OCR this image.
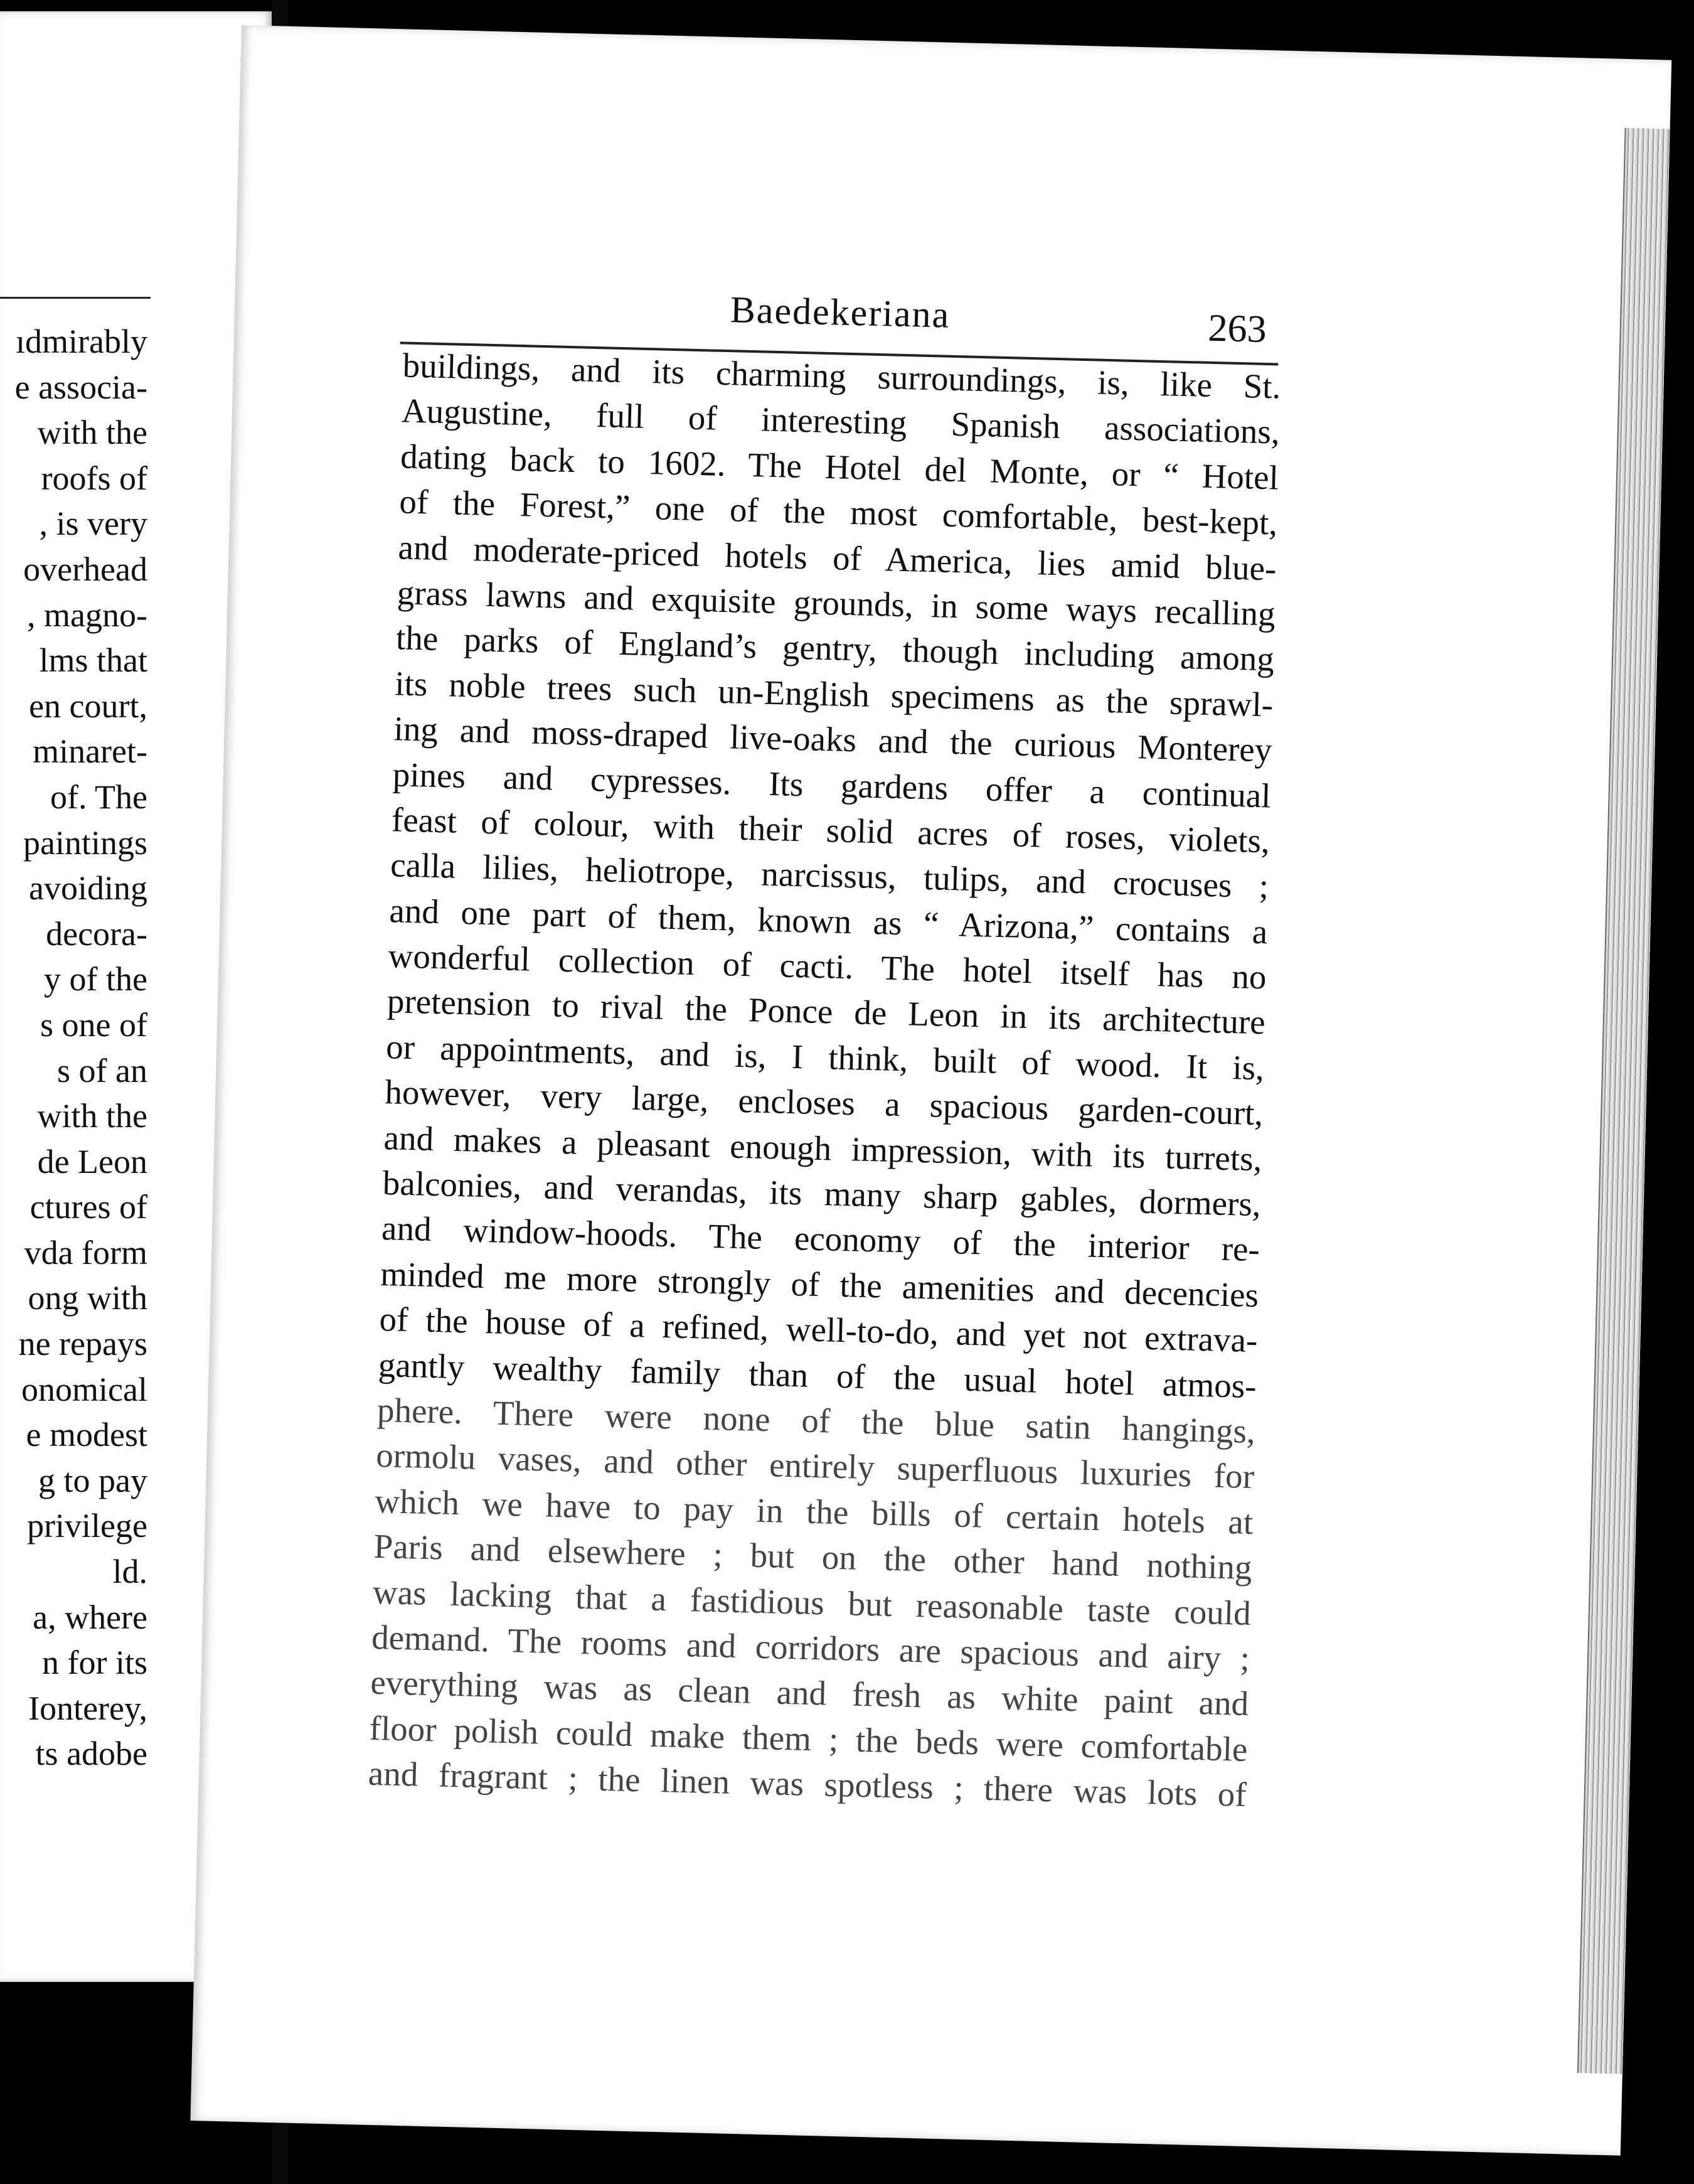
ıdmirably
e associa-
with the
roofs of
, is very
overhead
, magno-
lms that
en court,
minaret-
of. The
paintings
avoiding
decora-
y of the
s one of
s of an
with the
de Leon
ctures of
vda form
ong with
ne repays
onomical
e modest
g to pay
privilege
ld.
a, where
n for its
Ionterey,
ts adobe
Baedekeriana	263
buildings, and its charming surroundings, is, like St.
Augustine, full of interesting Spanish associations,
dating back to 1602. The Hotel del Monte, or “ Hotel
of the Forest,” one of the most comfortable, best-kept,
and moderate-priced hotels of America, lies amid blue-
grass lawns and exquisite grounds, in some ways recalling
the parks of England’s gentry, though including among
its noble trees such un-English specimens as the sprawl-
ing and moss-draped live-oaks and the curious Monterey
pines and cypresses. Its gardens offer a continual
feast of colour, with their solid acres of roses, violets,
calla lilies, heliotrope, narcissus, tulips, and crocuses ;
and one part of them, known as “ Arizona,” contains a
wonderful collection of cacti. The hotel itself has no
pretension to rival the Ponce de Leon in its architecture
or appointments, and is, I think, built of wood. It is,
however, very large, encloses a spacious garden-court,
and makes a pleasant enough impression, with its turrets,
balconies, and verandas, its many sharp gables, dormers,
and window-hoods. The economy of the interior re-
minded me more strongly of the amenities and decencies
of the house of a refined, well-to-do, and yet not extrava-
gantly wealthy family than of the usual hotel atmos-
phere. There were none of the blue satin hangings,
ormolu vases, and other entirely superfluous luxuries for
which we have to pay in the bills of certain hotels at
Paris and elsewhere ; but on the other hand nothing
was lacking that a fastidious but reasonable taste could
demand. The rooms and corridors are spacious and airy ;
everything was as clean and fresh as white paint and
floor polish could make them ; the beds were comfortable
and fragrant ; the linen was spotless ; there was lots of
